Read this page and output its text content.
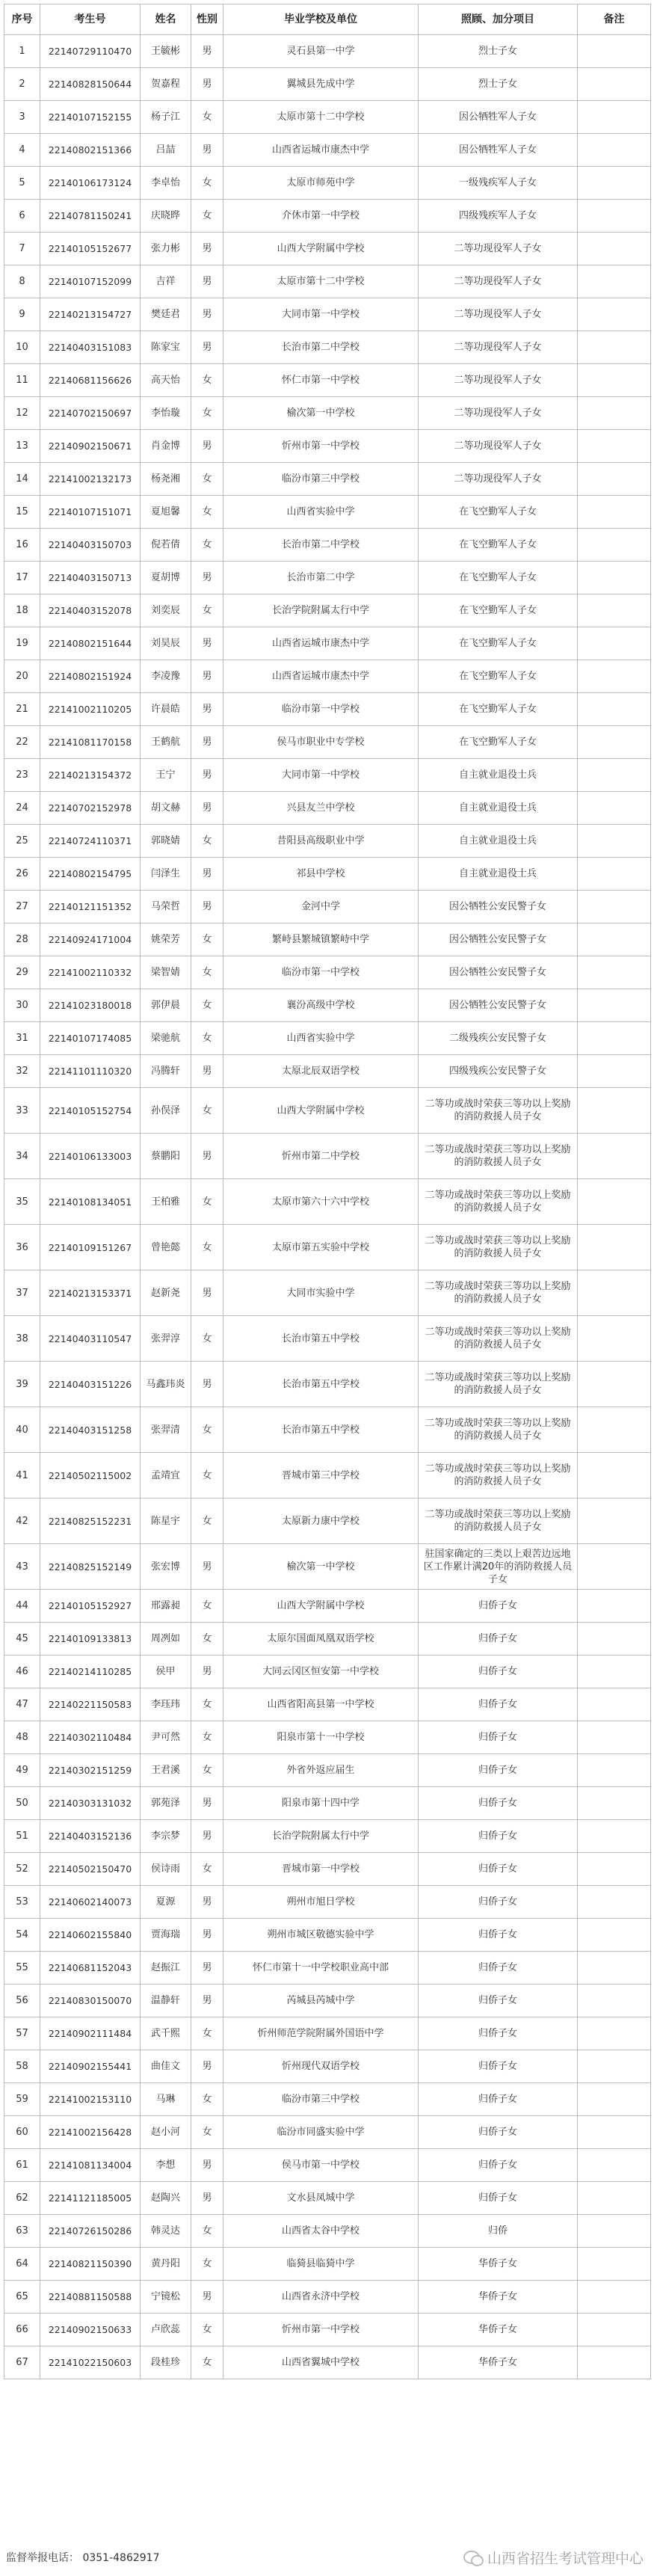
序号	考生号	姓名	性别	毕业学校及单位	照顾、加分项目	备注
1	22140729110470	王毓彬	男	灵石县第一中学	烈士子女	
2	22140828150644	贺嘉程	男	翼城县先成中学	烈士子女	
3	22140107152155	杨子江	女	太原市第十二中学校	因公牺牲军人子女	
4	22140802151366	吕喆	男	山西省运城市康杰中学	因公牺牲军人子女	
5	22140106173124	李卓怡	女	太原市师苑中学	一级残疾军人子女	
6	22140781150241	庆晓晔	女	介休市第一中学校	四级残疾军人子女	
7	22140105152677	张力彬	男	山西大学附属中学校	二等功现役军人子女	
8	22140107152099	吉祥	男	太原市第十二中学校	二等功现役军人子女	
9	22140213154727	樊廷君	男	大同市第一中学校	二等功现役军人子女	
10	22140403151083	陈家宝	男	长治市第二中学校	二等功现役军人子女	
11	22140681156626	高天怡	女	怀仁市第一中学校	二等功现役军人子女	
12	22140702150697	李怡璇	女	榆次第一中学校	二等功现役军人子女	
13	22140902150671	肖金博	男	忻州市第一中学校	二等功现役军人子女	
14	22141002132173	杨尧湘	女	临汾市第三中学校	二等功现役军人子女	
15	22140107151071	夏旭馨	女	山西省实验中学	在飞空勤军人子女	
16	22140403150703	倪若倩	女	长治市第二中学校	在飞空勤军人子女	
17	22140403150713	夏胡博	男	长治市第二中学	在飞空勤军人子女	
18	22140403152078	刘奕辰	女	长治学院附属太行中学	在飞空勤军人子女	
19	22140802151644	刘昊辰	男	山西省运城市康杰中学	在飞空勤军人子女	
20	22140802151924	李凌豫	男	山西省运城市康杰中学	在飞空勤军人子女	
21	22141002110205	许晨皓	男	临汾市第一中学校	在飞空勤军人子女	
22	22141081170158	王鹤航	男	侯马市职业中专学校	在飞空勤军人子女	
23	22140213154372	王宁	男	大同市第一中学校	自主就业退役士兵	
24	22140702152978	胡文赫	男	兴县友兰中学校	自主就业退役士兵	
25	22140724110371	郭晓婧	女	昔阳县高级职业中学	自主就业退役士兵	
26	22140802154795	闫泽生	男	祁县中学校	自主就业退役士兵	
27	22140121151352	马荣哲	男	金河中学	因公牺牲公安民警子女	
28	22140924171004	姚荣芳	女	繁峙县繁城镇繁峙中学	因公牺牲公安民警子女	
29	22141002110332	梁智婧	女	临汾市第一中学校	因公牺牲公安民警子女	
30	22141023180018	郭伊晨	女	襄汾高级中学校	因公牺牲公安民警子女	
31	22140107174085	梁驰航	女	山西省实验中学	二级残疾公安民警子女	
32	22141101110320	冯腾轩	男	太原北辰双语学校	四级残疾公安民警子女	
33	22140105152754	孙俣泽	女	山西大学附属中学校	二等功或战时荣获三等功以上奖励的消防救援人员子女	
34	22140106133003	蔡鹏阳	男	忻州市第二中学校	二等功或战时荣获三等功以上奖励的消防救援人员子女	
35	22140108134051	王柏雅	女	太原市第六十六中学校	二等功或战时荣获三等功以上奖励的消防救援人员子女	
36	22140109151267	曾艳懿	女	太原市第五实验中学校	二等功或战时荣获三等功以上奖励的消防救援人员子女	
37	22140213153371	赵新尧	男	大同市实验中学	二等功或战时荣获三等功以上奖励的消防救援人员子女	
38	22140403110547	张羿淳	女	长治市第五中学校	二等功或战时荣获三等功以上奖励的消防救援人员子女	
39	22140403151226	马鑫玮炎	男	长治市第五中学校	二等功或战时荣获三等功以上奖励的消防救援人员子女	
40	22140403151258	张羿清	女	长治市第五中学校	二等功或战时荣获三等功以上奖励的消防救援人员子女	
41	22140502115002	孟靖宜	女	晋城市第三中学校	二等功或战时荣获三等功以上奖励的消防救援人员子女	
42	22140825152231	陈星宇	女	太原新力康中学校	二等功或战时荣获三等功以上奖励的消防救援人员子女	
43	22140825152149	张宏博	男	榆次第一中学校	驻国家确定的三类以上艰苦边远地区工作累计满20年的消防救援人员子女	
44	22140105152927	邢露昶	女	山西大学附属中学校	归侨子女	
45	22140109133813	周冽如	女	太原尔国面凤凰双语学校	归侨子女	
46	22140214110285	侯甲	男	大同云冈区恒安第一中学校	归侨子女	
47	22140221150583	李珏玮	女	山西省阳高县第一中学校	归侨子女	
48	22140302110484	尹可然	女	阳泉市第十一中学校	归侨子女	
49	22140302151259	王君溪	女	外省外返应届生	归侨子女	
50	22140303131032	郭苑泽	男	阳泉市第十四中学	归侨子女	
51	22140403152136	李宗梦	男	长治学院附属太行中学	归侨子女	
52	22140502150470	侯诗雨	女	晋城市第一中学校	归侨子女	
53	22140602140073	夏源	男	朔州市旭日学校	归侨子女	
54	22140602155840	贾海瑞	男	朔州市城区敬德实验中学	归侨子女	
55	22140681152043	赵振江	男	怀仁市第十一中学校职业高中部	归侨子女	
56	22140830150070	温静轩	男	芮城县芮城中学	归侨子女	
57	22140902111484	武千熙	女	忻州师范学院附属外国语中学	归侨子女	
58	22140902155441	曲佳文	男	忻州现代双语学校	归侨子女	
59	22141002153110	马琳	女	临汾市第三中学校	归侨子女	
60	22141002156428	赵小河	女	临汾市同盛实验中学	归侨子女	
61	22141081134004	李想	男	侯马市第一中学校	归侨子女	
62	22141121185005	赵陶兴	男	文水县凤城中学	归侨子女	
63	22140726150286	韩灵达	女	山西省太谷中学校	归侨	
64	22140821150390	黄丹阳	女	临猗县临猗中学	华侨子女	
65	22140881150588	宁镜松	男	山西省永济中学校	华侨子女	
66	22140902150633	卢欣蕊	女	忻州市第一中学校	华侨子女	
67	22141022150603	段桂珍	女	山西省翼城中学校	华侨子女	
监督举报电话： 0351-4862917	山西省招生考试管理中心
